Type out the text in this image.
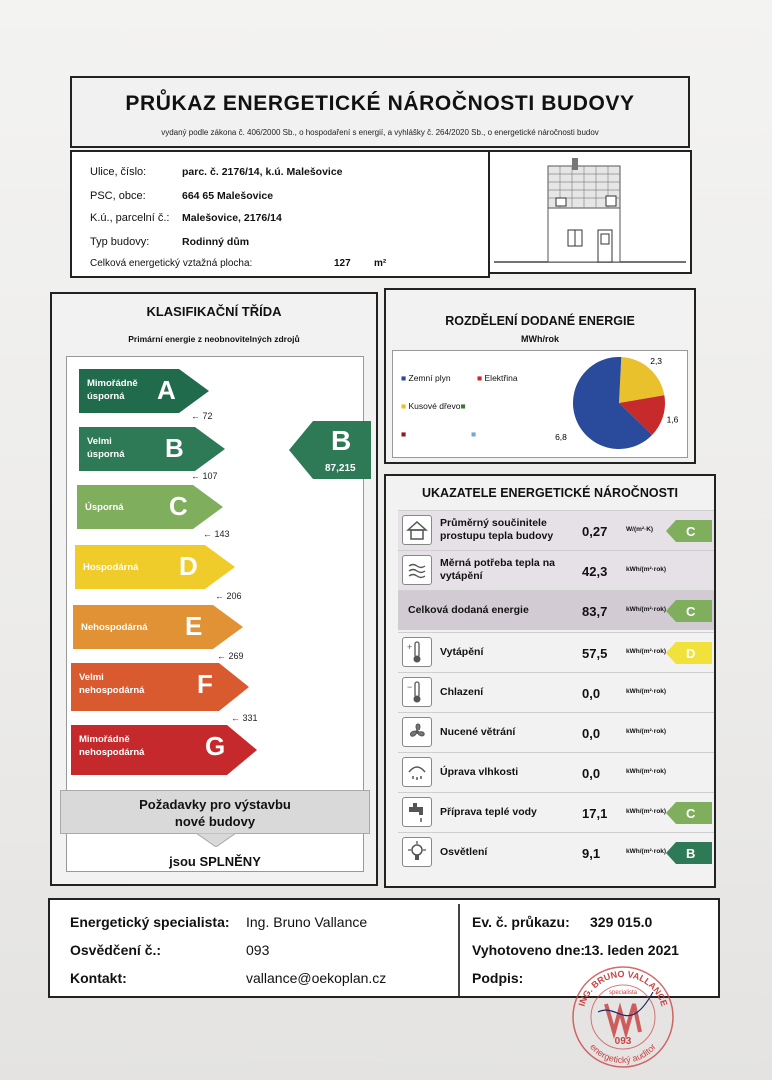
PRŮKAZ ENERGETICKÉ NÁROČNOSTI BUDOVY
vydaný podle zákona č. 406/2000 Sb., o hospodaření s energií, a vyhlášky č. 264/2020 Sb., o energetické náročnosti budov
Ulice, číslo:	parc. č. 2176/14, k.ú. Malešovice
PSC, obce:	664 65 Malešovice
K.ú., parcelní č.: Malešovice, 2176/14
Typ budovy:	Rodinný dům
Celková energetický vztažná plocha:	127 m²
KLASIFIKAČNÍ TŘÍDA
Primární energie z neobnovitelných zdrojů
Mimořádně
úsporná	A
← 72
Velmi
úsporná B
← 107
Úsporná C
← 143
Hospodárná D
← 206
Nehospodárná E
← 269
Velmi
nehospodárná F
← 331
Mimořádně
nehospodárná G
B
87,215
Požadavky pro výstavbu
nové budovy
jsou SPLNĚNY
ROZDĚLENÍ DODANÉ ENERGIE
MWh/rok
■ Zemní plyn	■ Elektřina
■ Kusové dřevo■
■	■	6,8
1,6
2,3
UKAZATELE ENERGETICKÉ NÁROČNOSTI
Průměrný součinitele
prostupu tepla budovy 0,27	W/(m²·K)	C
Měrná potřeba tepla na
vytápění	42,3	kWh/(m²·rok)
Celková dodaná energie	83,7	kWh/(m²·rok) C
+	Vytápění	57,5	kWh/(m²·rok) D
−	Chlazení	0,0	kWh/(m²·rok)
Nucené větrání	0,0	kWh/(m²·rok)
Úprava vlhkosti	0,0	kWh/(m²·rok)
Příprava teplé vody	17,1	kWh/(m²·rok) C
Osvětlení	9,1	kWh/(m²·rok) B
Energetický specialista: Ing. Bruno Vallance
Osvědčení č.:	093
Kontakt:	vallance@oekoplan.cz
Ev. č. průkazu: 329 015.0
Vyhotoveno dne:
13. leden 2021
Podpis:
ING. BRUNO VALLANCE
energetický auditor
specialista
093
